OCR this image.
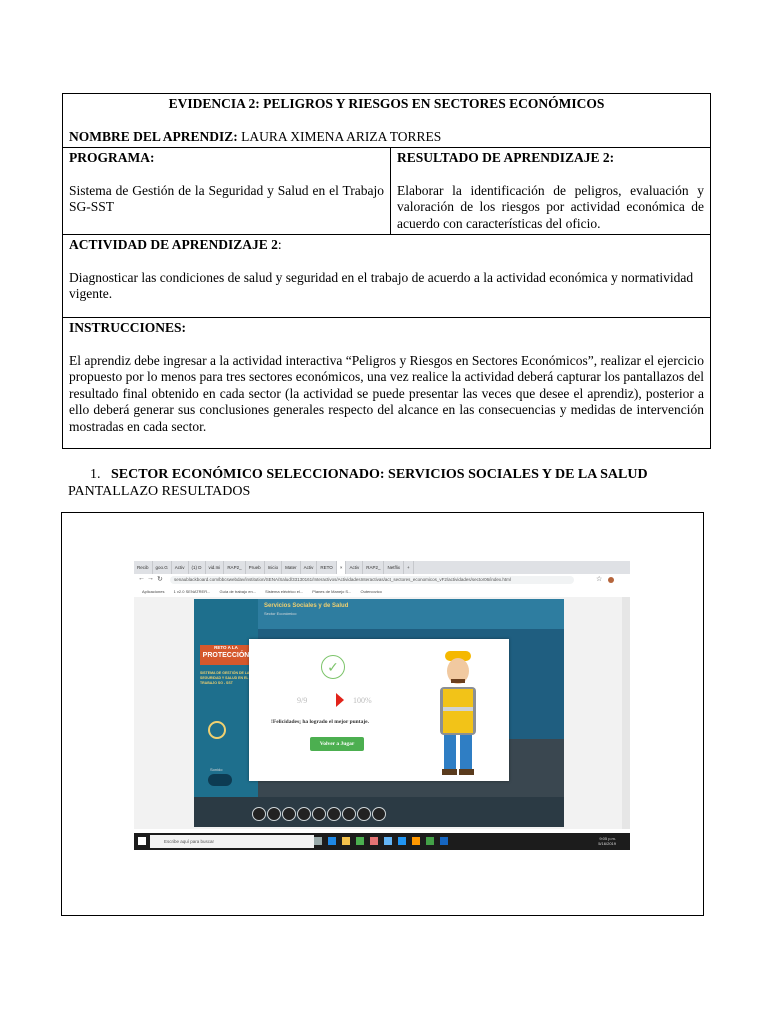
EVIDENCIA 2: PELIGROS Y RIESGOS EN SECTORES ECONÓMICOS

NOMBRE DEL APRENDIZ: LAURA XIMENA ARIZA TORRES

PROGRAMA:

Sistema de Gestión de la Seguridad y Salud en el Trabajo SG-SST

RESULTADO DE APRENDIZAJE 2:

Elaborar la identificación de peligros, evaluación y valoración de los riesgos por actividad económica de acuerdo con características del oficio.

ACTIVIDAD DE APRENDIZAJE 2:

Diagnosticar las condiciones de salud y seguridad en el trabajo de acuerdo a la actividad económica y normatividad vigente.

INSTRUCCIONES:

El aprendiz debe ingresar a la actividad interactiva “Peligros y Riesgos en Sectores Económicos”, realizar el ejercicio propuesto por lo menos para tres sectores económicos, una vez realice la actividad deberá capturar los pantallazos del resultado final obtenido en cada sector (la actividad se puede presentar las veces que desee el aprendiz), posterior a ello deberá generar sus conclusiones generales respecto del alcance en las consecuencias y medidas de intervención mostradas en cada sector.

1. SECTOR ECONÓMICO SELECCIONADO: SERVICIOS SOCIALES Y DE LA SALUD
PANTALLAZO RESULTADOS
Recib	goo.G	Activ	(1) D	vid.Ini	RAP2_	Prueb	Inicio	Mater	Activ	RETO	×	Activ	RAP2_	Netflix	+
← → ↻	senaublackboard.com/bbcswebdav/institution/SENA/Salud/33130161/Interactivos/ActividadesInteractivas/act_sectores_economicos_vF2/actividades/sector06/index.html	☆
Aplicaciones 1 v2.0 SENATRER... Guía de trabajo en... Sistema eléctrico el... Planes de Manejo S... Outercovico
Servicios Sociales y de Salud
Sector Económico
RETO A LA
PROTECCIÓN
SISTEMA DE GESTIÓN DE LA SEGURIDAD Y SALUD EN EL TRABAJO SG - SST
Sonido
✓
9/9	100%
!Felicidades¡ ha logrado el mejor puntaje.
Volver a Jugar
Escribe aquí para buscar
9:05 p.m.
5/16/2019
